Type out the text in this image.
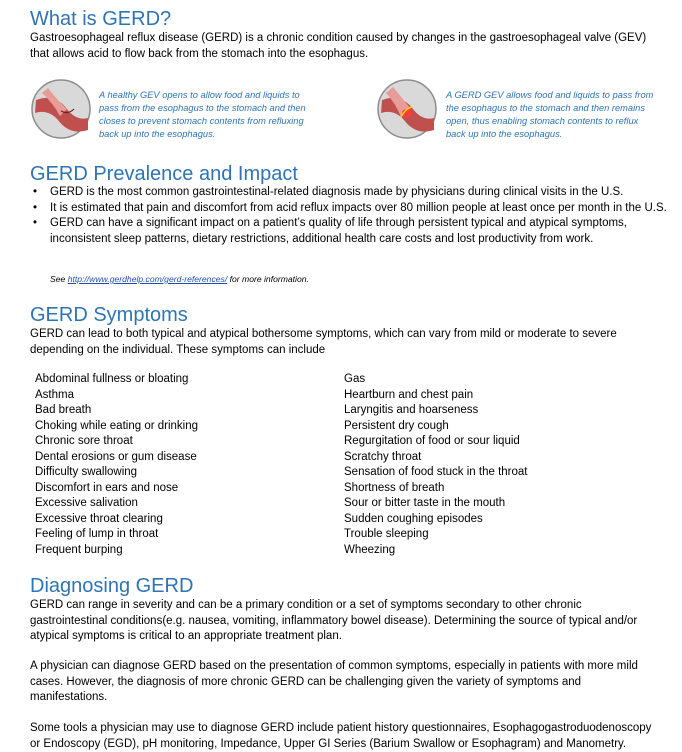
What is GERD?
Gastroesophageal reflux disease (GERD) is a chronic condition caused by changes in the gastroesophageal valve (GEV) that allows acid to flow back from the stomach into the esophagus.
A healthy GEV opens to allow food and liquids to pass from the esophagus to the stomach and then closes to prevent stomach contents from refluxing back up into the esophagus.
A GERD GEV allows food and liquids to pass from the esophagus to the stomach and then remains open, thus enabling stomach contents to reflux back up into the esophagus.
GERD Prevalence and Impact
• GERD is the most common gastrointestinal-related diagnosis made by physicians during clinical visits in the U.S.
• It is estimated that pain and discomfort from acid reflux impacts over 80 million people at least once per month in the U.S.
• GERD can have a significant impact on a patient’s quality of life through persistent typical and atypical symptoms, inconsistent sleep patterns, dietary restrictions, additional health care costs and lost productivity from work.
See http://www.gerdhelp.com/gerd-references/ for more information.
GERD Symptoms
GERD can lead to both typical and atypical bothersome symptoms, which can vary from mild or moderate to severe depending on the individual. These symptoms can include
Abdominal fullness or bloating
Asthma
Bad breath
Choking while eating or drinking
Chronic sore throat
Dental erosions or gum disease
Difficulty swallowing
Discomfort in ears and nose
Excessive salivation
Excessive throat clearing
Feeling of lump in throat
Frequent burping
Gas
Heartburn and chest pain
Laryngitis and hoarseness
Persistent dry cough
Regurgitation of food or sour liquid
Scratchy throat
Sensation of food stuck in the throat
Shortness of breath
Sour or bitter taste in the mouth
Sudden coughing episodes
Trouble sleeping
Wheezing
Diagnosing GERD
GERD can range in severity and can be a primary condition or a set of symptoms secondary to other chronic gastrointestinal conditions(e.g. nausea, vomiting, inflammatory bowel disease). Determining the source of typical and/or atypical symptoms is critical to an appropriate treatment plan.
A physician can diagnose GERD based on the presentation of common symptoms, especially in patients with more mild cases. However, the diagnosis of more chronic GERD can be challenging given the variety of symptoms and manifestations.
Some tools a physician may use to diagnose GERD include patient history questionnaires, Esophagogastroduodenoscopy or Endoscopy (EGD), pH monitoring, Impedance, Upper GI Series (Barium Swallow or Esophagram) and Manometry.
